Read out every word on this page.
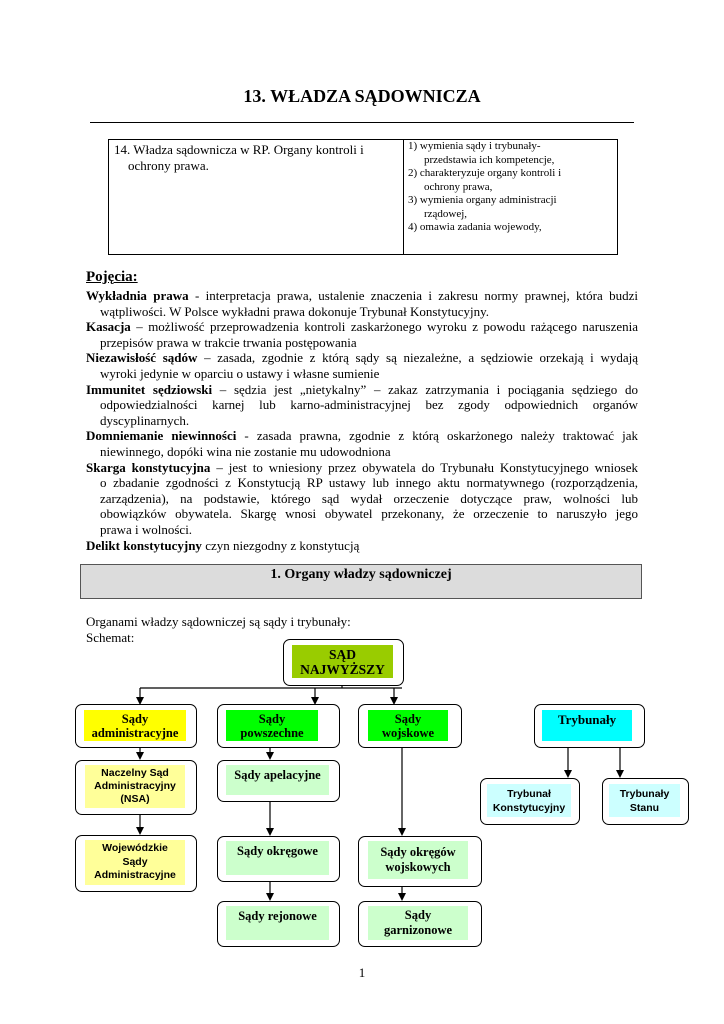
13. WŁADZA SĄDOWNICZA
14. Władza sądownicza w RP. Organy kontroli i
ochrony prawa.
1) wymienia sądy i trybunały-
przedstawia ich kompetencje,
2) charakteryzuje organy kontroli i
ochrony prawa,
3) wymienia organy administracji
rządowej,
4) omawia zadania wojewody,
Pojęcia:
Wykładnia prawa - interpretacja prawa, ustalenie znaczenia i zakresu normy prawnej, która budzi
wątpliwości. W Polsce wykładni prawa dokonuje Trybunał Konstytucyjny.
Kasacja – możliwość przeprowadzenia kontroli zaskarżonego wyroku z powodu rażącego naruszenia
przepisów prawa w trakcie trwania postępowania
Niezawisłość sądów – zasada, zgodnie z którą sądy są niezależne, a sędziowie orzekają i wydają
wyroki jedynie w oparciu o ustawy i własne sumienie
Immunitet sędziowski – sędzia jest „nietykalny” – zakaz zatrzymania i pociągania sędziego do
odpowiedzialności karnej lub karno-administracyjnej bez zgody odpowiednich organów
dyscyplinarnych.
Domniemanie niewinności - zasada prawna, zgodnie z którą oskarżonego należy traktować jak
niewinnego, dopóki wina nie zostanie mu udowodniona
Skarga konstytucyjna – jest to wniesiony przez obywatela do Trybunału Konstytucyjnego wniosek
o zbadanie zgodności z Konstytucją RP ustawy lub innego aktu normatywnego (rozporządzenia,
zarządzenia), na podstawie, którego sąd wydał orzeczenie dotyczące praw, wolności lub
obowiązków obywatela. Skargę wnosi obywatel przekonany, że orzeczenie to naruszyło jego
prawa i wolności.
Delikt konstytucyjny czyn niezgodny z konstytucją
1. Organy władzy sądowniczej
Organami władzy sądowniczej są sądy i trybunały:
Schemat:
SĄD
NAJWYŻSZY
Sądy
administracyjne
Sądy
powszechne
Sądy
wojskowe
Trybunały
Naczelny Sąd
Administracyjny
(NSA)
Sądy apelacyjne
Trybunał
Konstytucyjny
Trybunały
Stanu
Wojewódzkie
Sądy
Administracyjne
Sądy okręgowe	Sądy okręgów
wojskowych
Sądy rejonowe	Sądy
garnizonowe
1
